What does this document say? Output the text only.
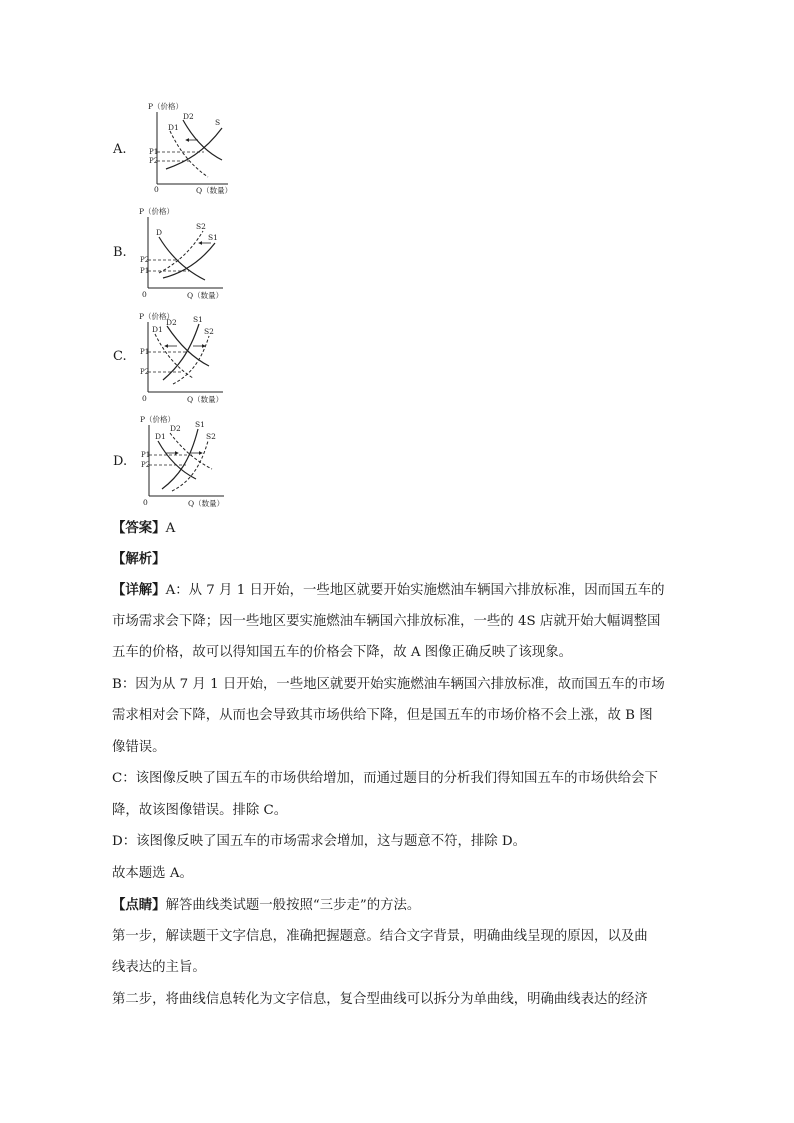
A.
B.
C.
D.
P（价格）
0	Q（数量）
D1
D2
S
P1
P2
P（价格）
0	Q（数量）
D
S2
S1
P2
P1
P（价格）
0	Q（数量）
D1
D2 S1
S2
P1
P2
P（价格）
0	Q（数量）
D1
D2 S1
S2
P1
P2
【答案】A
【解析】
【详解】A：从 7 月 1 日开始，一些地区就要开始实施燃油车辆国六排放标准，因而国五车的
市场需求会下降；因一些地区要实施燃油车辆国六排放标准，一些的 4S 店就开始大幅调整国
五车的价格，故可以得知国五车的价格会下降，故 A 图像正确反映了该现象。
B：因为从 7 月 1 日开始，一些地区就要开始实施燃油车辆国六排放标准，故而国五车的市场
需求相对会下降，从而也会导致其市场供给下降，但是国五车的市场价格不会上涨，故 B 图
像错误。
C：该图像反映了国五车的市场供给增加，而通过题目的分析我们得知国五车的市场供给会下
降，故该图像错误。排除 C。
D：该图像反映了国五车的市场需求会增加，这与题意不符，排除 D。
故本题选 A。
【点睛】解答曲线类试题一般按照“三步走”的方法。
第一步，解读题干文字信息，准确把握题意。结合文字背景，明确曲线呈现的原因，以及曲
线表达的主旨。
第二步，将曲线信息转化为文字信息，复合型曲线可以拆分为单曲线，明确曲线表达的经济
